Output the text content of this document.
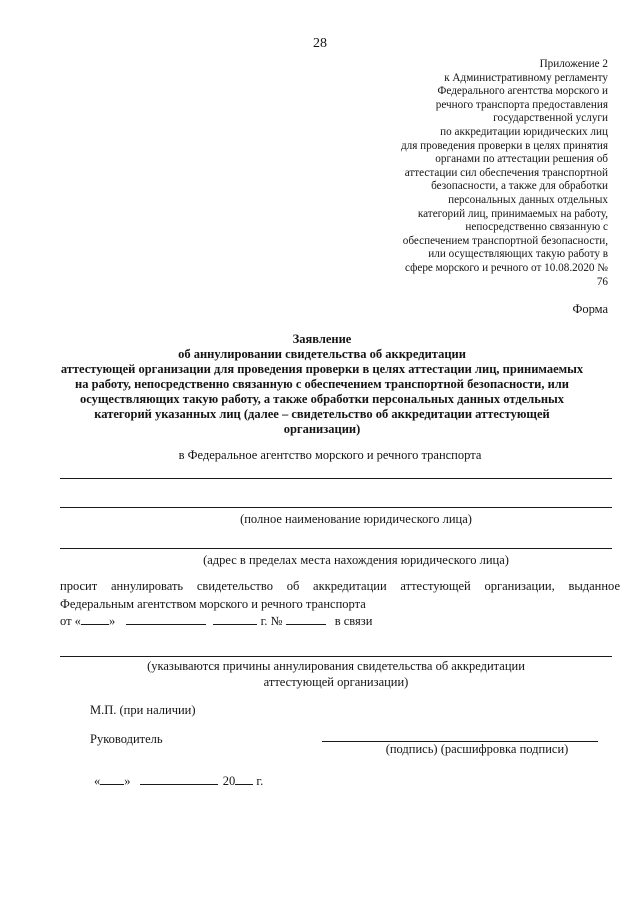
28
Приложение 2
к Административному регламенту
Федерального агентства морского и
речного транспорта предоставления
государственной услуги
по аккредитации юридических лиц
для проведения проверки в целях принятия
органами по аттестации решения об
аттестации сил обеспечения транспортной
безопасности, а также для обработки
персональных данных отдельных
категорий лиц, принимаемых на работу,
непосредственно связанную с
обеспечением транспортной безопасности,
или осуществляющих такую работу в
сфере морского и речного от 10.08.2020 №
76
Форма
Заявление
об аннулировании свидетельства об аккредитации
аттестующей организации для проведения проверки в целях аттестации лиц, принимаемых
на работу, непосредственно связанную с обеспечением транспортной безопасности, или
осуществляющих такую работу, а также обработки персональных данных отдельных
категорий указанных лиц (далее – свидетельство об аккредитации аттестующей
организации)
в Федеральное агентство морского и речного транспорта
(полное наименование юридического лица)
(адрес в пределах места нахождения юридического лица)
просит аннулировать свидетельство об аккредитации аттестующей организации, выданное
Федеральным агентством морского и речного транспорта
от « »	г. №	в связи
(указываются причины аннулирования свидетельства об аккредитации
аттестующей организации)
М.П. (при наличии)
Руководитель
(подпись) (расшифровка подписи)
« »	20 г.
